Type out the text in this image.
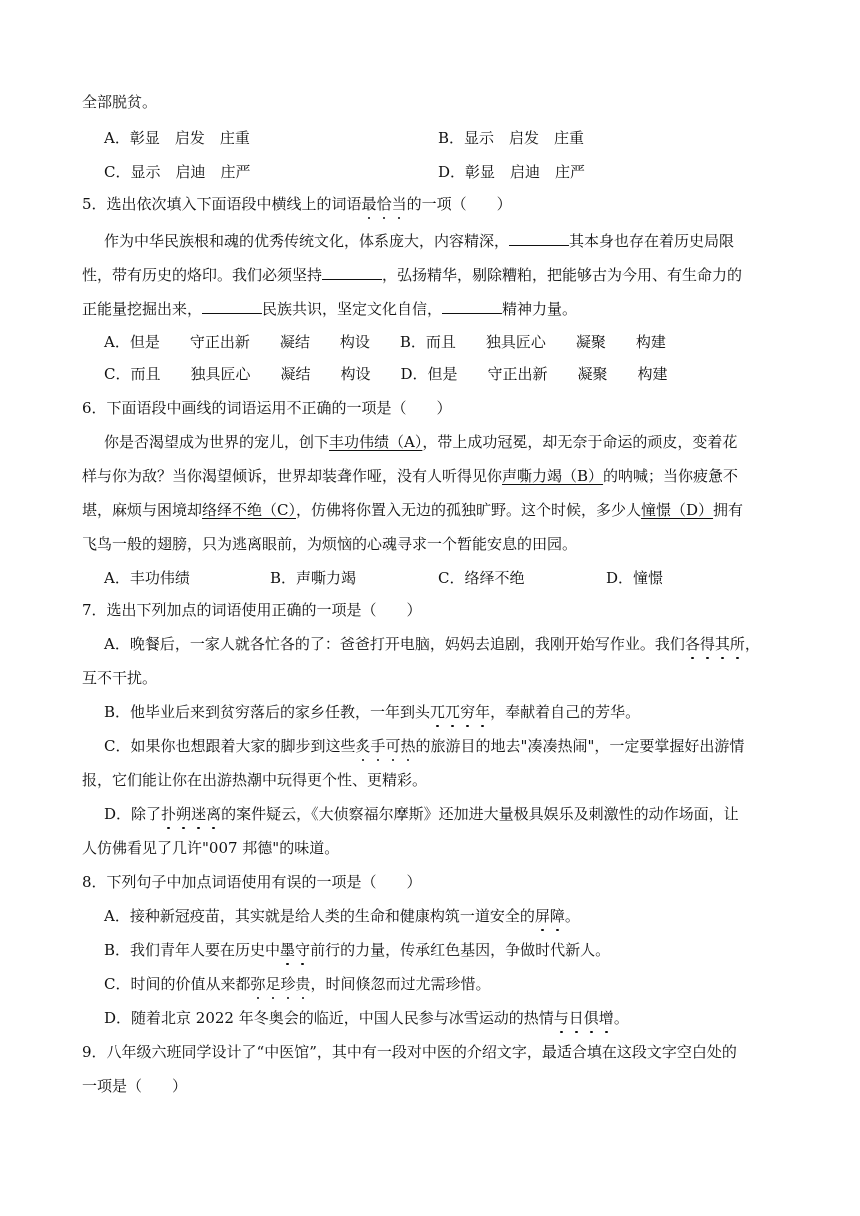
全部脱贫。
A．彰显　启发　庄重	B．显示　启发　庄重
C．显示　启迪　庄严	D．彰显　启迪　庄严
5．选出依次填入下面语段中横线上的词语最恰当的一项（　　）
作为中华民族根和魂的优秀传统文化，体系庞大，内容精深，	其本身也存在着历史局限
性，带有历史的烙印。我们必须坚持	，弘扬精华，剔除糟粕，把能够古为今用、有生命力的
正能量挖掘出来，	民族共识，坚定文化自信，	精神力量。
A．但是　　守正出新　　凝结　　构设　　B．而且　　独具匠心　　凝聚　　构建
C．而且　　独具匠心　　凝结　　构设　　D．但是　　守正出新　　凝聚　　构建
6．下面语段中画线的词语运用不正确的一项是（　　）
你是否渴望成为世界的宠儿，创下丰功伟绩（A），带上成功冠冕，却无奈于命运的顽皮，变着花
样与你为敌？当你渴望倾诉，世界却装聋作哑，没有人听得见你声嘶力竭（B）的呐喊；当你疲惫不
堪，麻烦与困境却络绎不绝（C），仿佛将你置入无边的孤独旷野。这个时候，多少人憧憬（D）拥有
飞鸟一般的翅膀，只为逃离眼前，为烦恼的心魂寻求一个暂能安息的田园。
A．丰功伟绩	B．声嘶力竭	C．络绎不绝	D．憧憬
7．选出下列加点的词语使用正确的一项是（　　）
A．晚餐后，一家人就各忙各的了：爸爸打开电脑，妈妈去追剧，我刚开始写作业。我们各得其所，
互不干扰。
B．他毕业后来到贫穷落后的家乡任教，一年到头兀兀穷年，奉献着自己的芳华。
C．如果你也想跟着大家的脚步到这些炙手可热的旅游目的地去"凑凑热闹"，一定要掌握好出游情
报，它们能让你在出游热潮中玩得更个性、更精彩。
D．除了扑朔迷离的案件疑云，《大侦察福尔摩斯》还加进大量极具娱乐及刺激性的动作场面，让
人仿佛看见了几许"007 邦德"的味道。
8．下列句子中加点词语使用有误的一项是（　　）
A．接种新冠疫苗，其实就是给人类的生命和健康构筑一道安全的屏障。
B．我们青年人要在历史中墨守前行的力量，传承红色基因，争做时代新人。
C．时间的价值从来都弥足珍贵，时间倏忽而过尤需珍惜。
D．随着北京 2022 年冬奥会的临近，中国人民参与冰雪运动的热情与日俱增。
9．八年级六班同学设计了“中医馆”，其中有一段对中医的介绍文字，最适合填在这段文字空白处的
一项是（　　）
